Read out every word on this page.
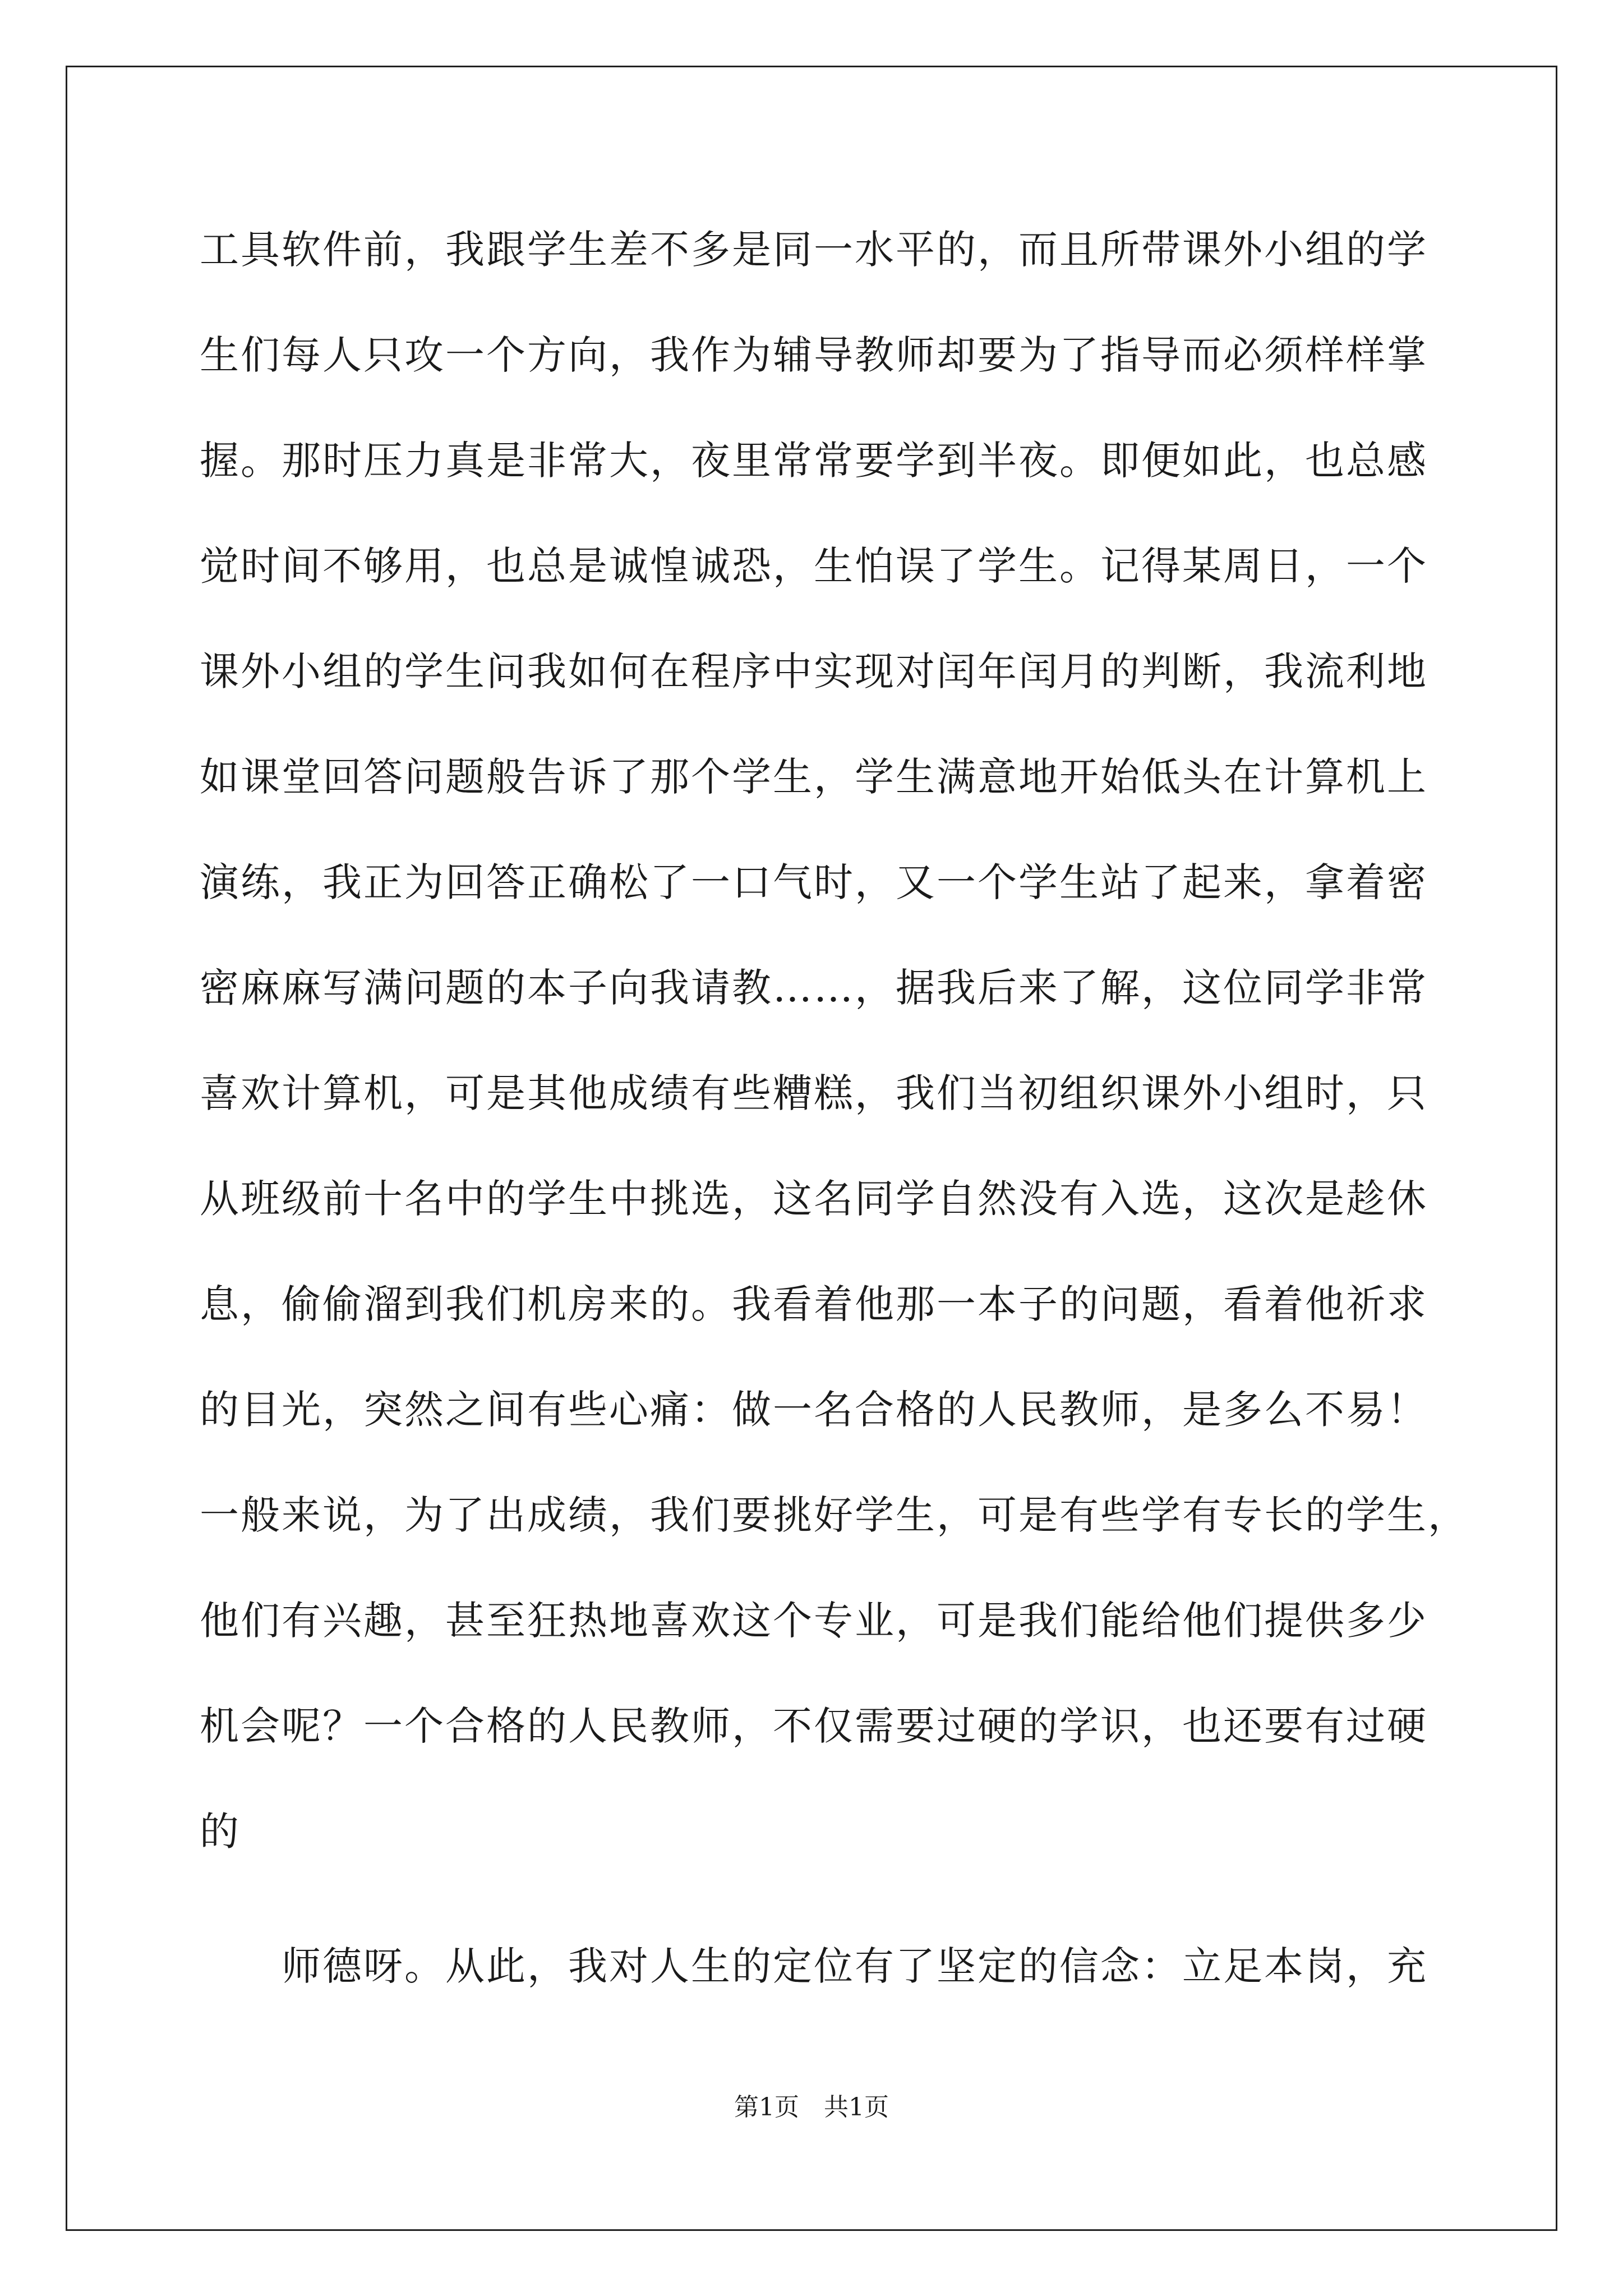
工具软件前，我跟学生差不多是同一水平的，而且所带课外小组的学
生们每人只攻一个方向，我作为辅导教师却要为了指导而必须样样掌
握。那时压力真是非常大，夜里常常要学到半夜。即便如此，也总感
觉时间不够用，也总是诚惶诚恐，生怕误了学生。记得某周日，一个
课外小组的学生问我如何在程序中实现对闰年闰月的判断，我流利地
如课堂回答问题般告诉了那个学生，学生满意地开始低头在计算机上
演练，我正为回答正确松了一口气时，又一个学生站了起来，拿着密
密麻麻写满问题的本子向我请教……，据我后来了解，这位同学非常
喜欢计算机，可是其他成绩有些糟糕，我们当初组织课外小组时，只
从班级前十名中的学生中挑选，这名同学自然没有入选，这次是趁休
息，偷偷溜到我们机房来的。我看着他那一本子的问题，看着他祈求
的目光，突然之间有些心痛：做一名合格的人民教师，是多么不易！
一般来说，为了出成绩，我们要挑好学生，可是有些学有专长的学生，
他们有兴趣，甚至狂热地喜欢这个专业，可是我们能给他们提供多少
机会呢？一个合格的人民教师，不仅需要过硬的学识，也还要有过硬
的
　　师德呀。从此，我对人生的定位有了坚定的信念：立足本岗，充
第1页　共1页
